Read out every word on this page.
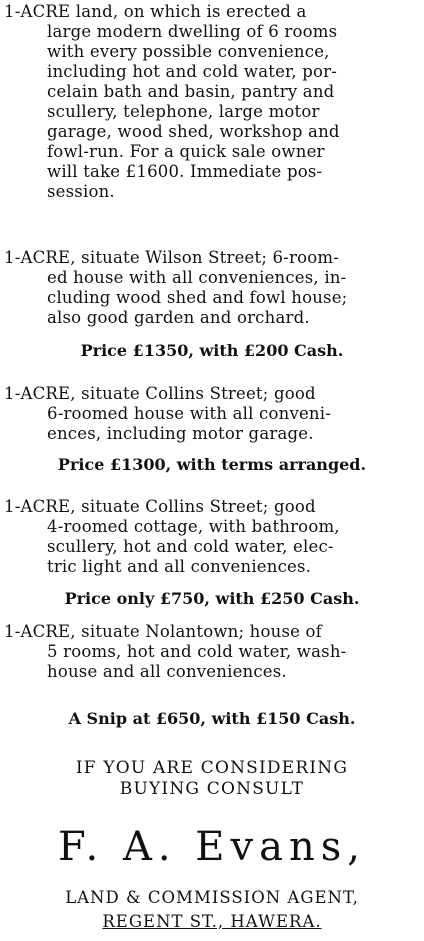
1-ACRE land, on which is erected a
large modern dwelling of 6 rooms
with every possible convenience,
including hot and cold water, por-
celain bath and basin, pantry and
scullery, telephone, large motor
garage, wood shed, workshop and
fowl-run. For a quick sale owner
will take £1600. Immediate pos-
session.
1-ACRE, situate Wilson Street; 6-room-
ed house with all conveniences, in-
cluding wood shed and fowl house;
also good garden and orchard.
Price £1350, with £200 Cash.
1-ACRE, situate Collins Street; good
6-roomed house with all conveni-
ences, including motor garage.
Price £1300, with terms arranged.
1-ACRE, situate Collins Street; good
4-roomed cottage, with bathroom,
scullery, hot and cold water, elec-
tric light and all conveniences.
Price only £750, with £250 Cash.
1-ACRE, situate Nolantown; house of
5 rooms, hot and cold water, wash-
house and all conveniences.
A Snip at £650, with £150 Cash.
IF YOU ARE CONSIDERING
BUYING CONSULT
F. A. Evans,
LAND & COMMISSION AGENT,
REGENT ST., HAWERA.
